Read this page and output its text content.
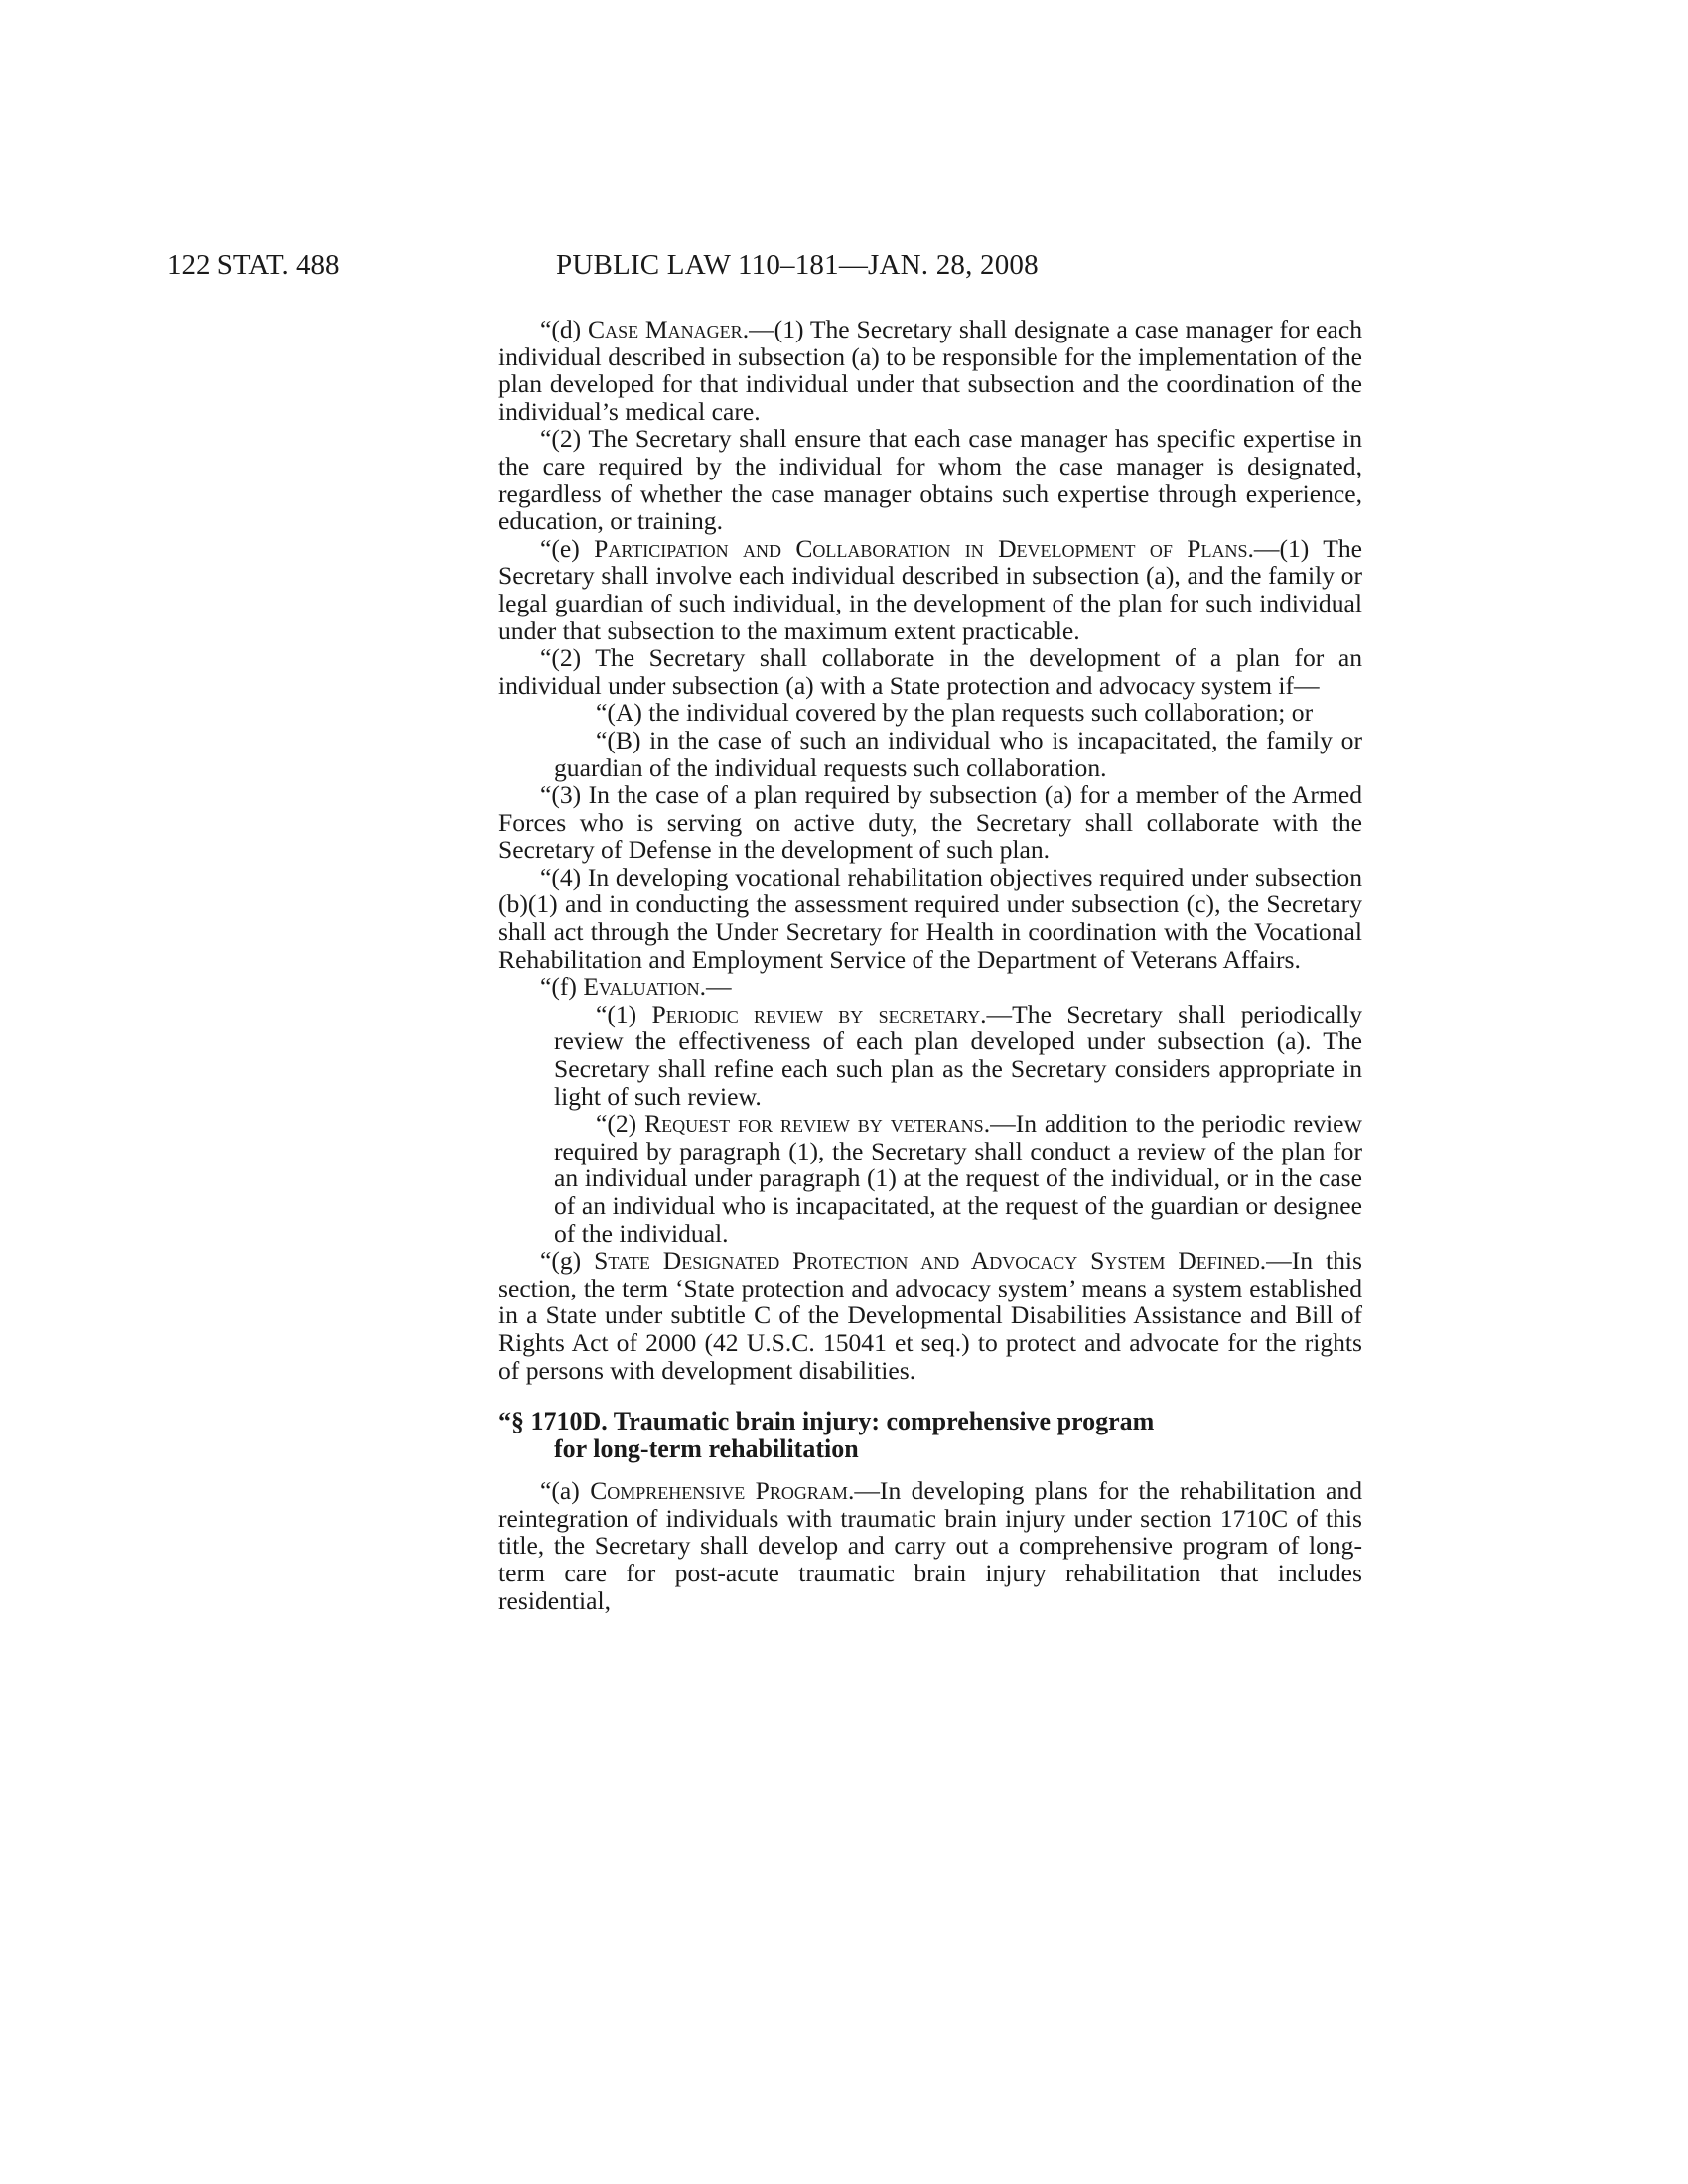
122 STAT. 488	PUBLIC LAW 110–181—JAN. 28, 2008

“(d) Case Manager.—(1) The Secretary shall designate a case manager for each individual described in subsection (a) to be responsible for the implementation of the plan developed for that individual under that subsection and the coordination of the individual’s medical care.

“(2) The Secretary shall ensure that each case manager has specific expertise in the care required by the individual for whom the case manager is designated, regardless of whether the case manager obtains such expertise through experience, education, or training.

“(e) Participation and Collaboration in Development of Plans.—(1) The Secretary shall involve each individual described in subsection (a), and the family or legal guardian of such individual, in the development of the plan for such individual under that subsection to the maximum extent practicable.

“(2) The Secretary shall collaborate in the development of a plan for an individual under subsection (a) with a State protection and advocacy system if—

“(A) the individual covered by the plan requests such collaboration; or

“(B) in the case of such an individual who is incapacitated, the family or guardian of the individual requests such collaboration.

“(3) In the case of a plan required by subsection (a) for a member of the Armed Forces who is serving on active duty, the Secretary shall collaborate with the Secretary of Defense in the development of such plan.

“(4) In developing vocational rehabilitation objectives required under subsection (b)(1) and in conducting the assessment required under subsection (c), the Secretary shall act through the Under Secretary for Health in coordination with the Vocational Rehabilitation and Employment Service of the Department of Veterans Affairs.

“(f) Evaluation.—

“(1) Periodic review by secretary.—The Secretary shall periodically review the effectiveness of each plan developed under subsection (a). The Secretary shall refine each such plan as the Secretary considers appropriate in light of such review.

“(2) Request for review by veterans.—In addition to the periodic review required by paragraph (1), the Secretary shall conduct a review of the plan for an individual under paragraph (1) at the request of the individual, or in the case of an individual who is incapacitated, at the request of the guardian or designee of the individual.

“(g) State Designated Protection and Advocacy System Defined.—In this section, the term ‘State protection and advocacy system’ means a system established in a State under subtitle C of the Developmental Disabilities Assistance and Bill of Rights Act of 2000 (42 U.S.C. 15041 et seq.) to protect and advocate for the rights of persons with development disabilities.

“§ 1710D. Traumatic brain injury: comprehensive program
for long-term rehabilitation

“(a) Comprehensive Program.—In developing plans for the rehabilitation and reintegration of individuals with traumatic brain injury under section 1710C of this title, the Secretary shall develop and carry out a comprehensive program of long-term care for post-acute traumatic brain injury rehabilitation that includes residential,
